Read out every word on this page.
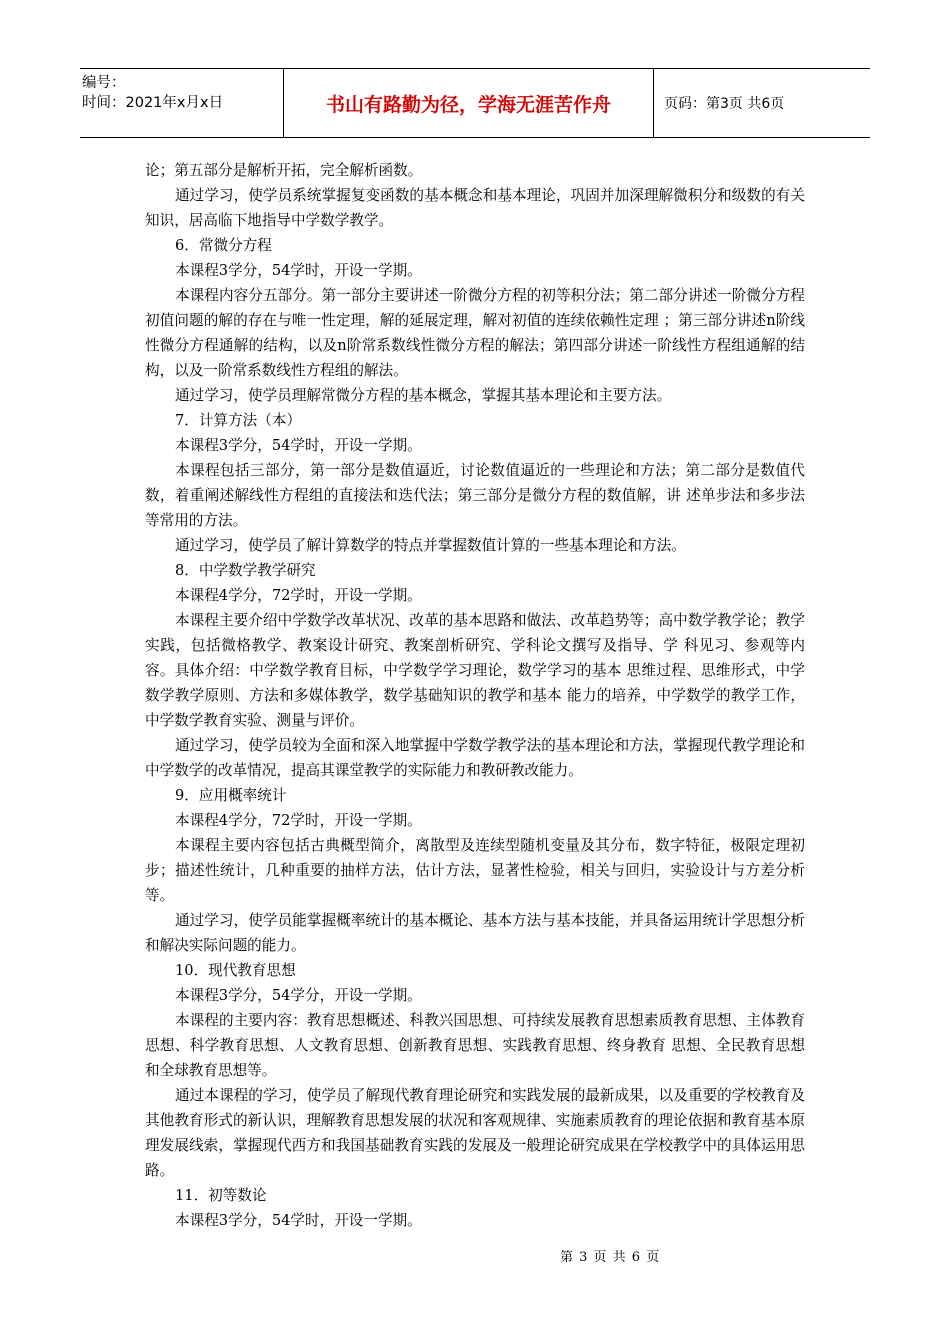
编号：
时间：2021年x月x日	书山有路勤为径，学海无涯苦作舟	页码：第3页 共6页

论；第五部分是解析开拓，完全解析函数。

通过学习，使学员系统掌握复变函数的基本概念和基本理论，巩固并加深理解微积分和级数的有关知识，居高临下地指导中学数学教学。

6．常微分方程

本课程3学分，54学时，开设一学期。

本课程内容分五部分。第一部分主要讲述一阶微分方程的初等积分法；第二部分讲述一阶微分方程初值问题的解的存在与唯一性定理，解的延展定理，解对初值的连续依赖性定理 ；第三部分讲述n阶线性微分方程通解的结构，以及n阶常系数线性微分方程的解法；第四部分讲述一阶线性方程组通解的结构，以及一阶常系数线性方程组的解法。

通过学习，使学员理解常微分方程的基本概念，掌握其基本理论和主要方法。

7．计算方法（本）

本课程3学分，54学时，开设一学期。

本课程包括三部分，第一部分是数值逼近，讨论数值逼近的一些理论和方法；第二部分是数值代数，着重阐述解线性方程组的直接法和迭代法；第三部分是微分方程的数值解，讲 述单步法和多步法等常用的方法。

通过学习，使学员了解计算数学的特点并掌握数值计算的一些基本理论和方法。

8．中学数学教学研究

本课程4学分，72学时，开设一学期。

本课程主要介绍中学数学改革状况、改革的基本思路和做法、改革趋势等；高中数学教学论；教学实践，包括微格教学、教案设计研究、教案剖析研究、学科论文撰写及指导、学 科见习、参观等内容。具体介绍：中学数学教育目标，中学数学学习理论，数学学习的基本 思维过程、思维形式，中学数学教学原则、方法和多媒体教学，数学基础知识的教学和基本 能力的培养，中学数学的教学工作，中学数学教育实验、测量与评价。

通过学习，使学员较为全面和深入地掌握中学数学教学法的基本理论和方法，掌握现代教学理论和中学数学的改革情况，提高其课堂教学的实际能力和教研教改能力。

9．应用概率统计

本课程4学分，72学时，开设一学期。

本课程主要内容包括古典概型简介，离散型及连续型随机变量及其分布，数字特征，极限定理初步；描述性统计，几种重要的抽样方法，估计方法，显著性检验，相关与回归，实验设计与方差分析等。

通过学习，使学员能掌握概率统计的基本概论、基本方法与基本技能，并具备运用统计学思想分析和解决实际问题的能力。

10．现代教育思想

本课程3学分，54学分，开设一学期。

本课程的主要内容：教育思想概述、科教兴国思想、可持续发展教育思想素质教育思想、主体教育思想、科学教育思想、人文教育思想、创新教育思想、实践教育思想、终身教育 思想、全民教育思想和全球教育思想等。

通过本课程的学习，使学员了解现代教育理论研究和实践发展的最新成果，以及重要的学校教育及其他教育形式的新认识，理解教育思想发展的状况和客观规律、实施素质教育的理论依据和教育基本原理发展线索，掌握现代西方和我国基础教育实践的发展及一般理论研究成果在学校教学中的具体运用思路。

11．初等数论

本课程3学分，54学时，开设一学期。

第 3 页 共 6 页
